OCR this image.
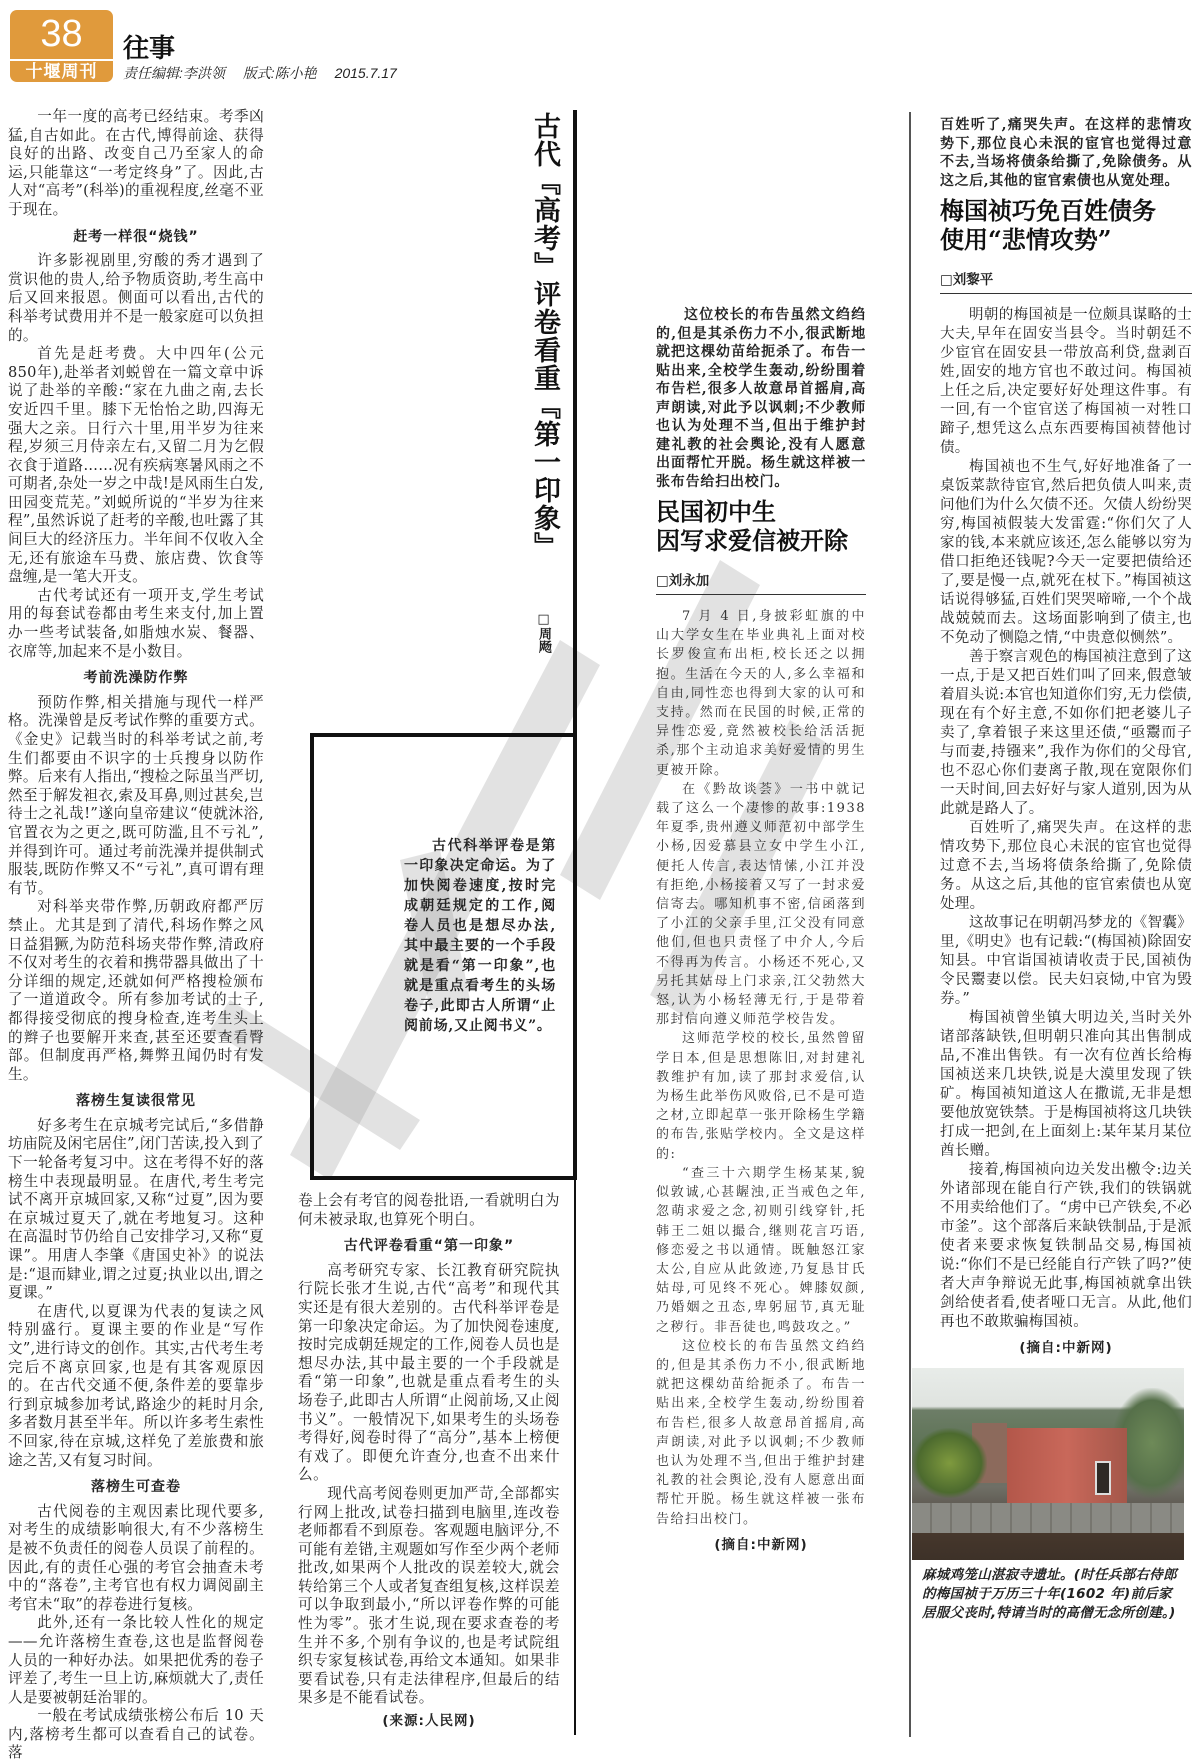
38
十堰周刊
往事
责任编辑:李洪领 版式:陈小艳 2015.7.17
古代『高考』评卷看重『第一印象』
□周飏
古代科举评卷是第一印象决定命运。为了加快阅卷速度,按时完成朝廷规定的工作,阅卷人员也是想尽办法,其中最主要的一个手段就是看“第一印象”,也就是重点看考生的头场卷子,此即古人所谓“止阅前场,又止阅书义”。

一年一度的高考已经结束。考季凶猛,自古如此。在古代,博得前途、获得良好的出路、改变自己乃至家人的命运,只能靠这“一考定终身”了。因此,古人对“高考”(科举)的重视程度,丝毫不亚于现在。

赶考一样很“烧钱”

许多影视剧里,穷酸的秀才遇到了赏识他的贵人,给予物质资助,考生高中后又回来报恩。侧面可以看出,古代的科举考试费用并不是一般家庭可以负担的。

首先是赶考费。大中四年(公元 850年),赴举者刘蜕曾在一篇文章中诉说了赴举的辛酸:“家在九曲之南,去长安近四千里。膝下无怡怡之助,四海无强大之亲。日行六十里,用半岁为往来程,岁须三月侍亲左右,又留二月为乞假衣食于道路……况有疾病寒暑风雨之不可期者,杂处一岁之中哉!是风雨生白发,田园变荒芜。”刘蜕所说的“半岁为往来程”,虽然诉说了赶考的辛酸,也吐露了其间巨大的经济压力。半年间不仅收入全无,还有旅途车马费、旅店费、饮食等盘缠,是一笔大开支。

古代考试还有一项开支,学生考试用的每套试卷都由考生来支付,加上置办一些考试装备,如脂烛水炭、餐器、衣席等,加起来不是小数目。

考前洗澡防作弊

预防作弊,相关措施与现代一样严格。洗澡曾是反考试作弊的重要方式。《金史》记载当时的科举考试之前,考生们都要由不识字的士兵搜身以防作弊。后来有人指出,“搜检之际虽当严切,然至于解发袒衣,索及耳鼻,则过甚矣,岂待士之礼哉!”遂向皇帝建议“使就沐浴,官置衣为之更之,既可防滥,且不亏礼”,并得到许可。通过考前洗澡并提供制式服装,既防作弊又不“亏礼”,真可谓有理有节。

对科举夹带作弊,历朝政府都严厉禁止。尤其是到了清代,科场作弊之风日益猖獗,为防范科场夹带作弊,清政府不仅对考生的衣着和携带器具做出了十分详细的规定,还就如何严格搜检颁布了一道道政令。所有参加考试的士子,都得接受彻底的搜身检查,连考生头上的辫子也要解开来查,甚至还要查看臀部。但制度再严格,舞弊丑闻仍时有发生。

落榜生复读很常见

好多考生在京城考完试后,“多借静坊庙院及闲宅居住”,闭门苦读,投入到了下一轮备考复习中。这在考得不好的落榜生中表现最明显。在唐代,考生考完试不离开京城回家,又称“过夏”,因为要在京城过夏天了,就在考地复习。这种在高温时节仍给自己安排学习,又称“夏课”。用唐人李肇《唐国史补》的说法是:“退而肄业,谓之过夏;执业以出,谓之夏课。”

在唐代,以夏课为代表的复读之风特别盛行。夏课主要的作业是“写作文”,进行诗文的创作。其实,古代考生考完后不离京回家,也是有其客观原因的。在古代交通不便,条件差的要靠步行到京城参加考试,路途少的耗时月余,多者数月甚至半年。所以许多考生索性不回家,待在京城,这样免了差旅费和旅途之苦,又有复习时间。

落榜生可查卷

古代阅卷的主观因素比现代要多,对考生的成绩影响很大,有不少落榜生是被不负责任的阅卷人员误了前程的。因此,有的责任心强的考官会抽查未考中的“落卷”,主考官也有权力调阅副主考官未“取”的荐卷进行复核。

此外,还有一条比较人性化的规定——允许落榜生查卷,这也是监督阅卷人员的一种好办法。如果把优秀的卷子评差了,考生一旦上访,麻烦就大了,责任人是要被朝廷治罪的。

一般在考试成绩张榜公布后 10 天内,落榜考生都可以查看自己的试卷。落

卷上会有考官的阅卷批语,一看就明白为何未被录取,也算死个明白。

古代评卷看重“第一印象”

高考研究专家、长江教育研究院执行院长张才生说,古代“高考”和现代其实还是有很大差别的。古代科举评卷是第一印象决定命运。为了加快阅卷速度,按时完成朝廷规定的工作,阅卷人员也是想尽办法,其中最主要的一个手段就是看“第一印象”,也就是重点看考生的头场卷子,此即古人所谓“止阅前场,又止阅书义”。一般情况下,如果考生的头场卷考得好,阅卷时得了“高分”,基本上榜便有戏了。即便允许查分,也查不出来什么。

现代高考阅卷则更加严苛,全部都实行网上批改,试卷扫描到电脑里,连改卷老师都看不到原卷。客观题电脑评分,不可能有差错,主观题如写作至少两个老师批改,如果两个人批改的误差较大,就会转给第三个人或者复查组复核,这样误差可以争取到最小,“所以评卷作弊的可能性为零”。张才生说,现在要求查卷的考生并不多,个别有争议的,也是考试院组织专家复核试卷,再给文本通知。如果非要看试卷,只有走法律程序,但最后的结果多是不能看试卷。

(来源:人民网)
这位校长的布告虽然文绉绉的,但是其杀伤力不小,很武断地就把这棵幼苗给扼杀了。布告一贴出来,全校学生轰动,纷纷围着布告栏,很多人故意昂首摇肩,高声朗读,对此予以讽刺;不少教师也认为处理不当,但出于维护封建礼教的社会舆论,没有人愿意出面帮忙开脱。杨生就这样被一张布告给扫出校门。
民国初中生
因写求爱信被开除
□刘永加

7 月 4 日,身披彩虹旗的中山大学女生在毕业典礼上面对校长罗俊宣布出柜,校长还之以拥抱。生活在今天的人,多么幸福和自由,同性恋也得到大家的认可和支持。然而在民国的时候,正常的异性恋爱,竟然被校长给活活扼杀,那个主动追求美好爱情的男生更被开除。

在《黔故谈荟》一书中就记载了这么一个凄惨的故事:1938年夏季,贵州遵义师范初中部学生小杨,因爱慕县立女中学生小江,便托人传言,表达情愫,小江并没有拒绝,小杨接着又写了一封求爱信寄去。哪知机事不密,信函落到了小江的父亲手里,江父没有同意他们,但也只责怪了中介人,今后不得再为传言。小杨还不死心,又另托其姑母上门求亲,江父勃然大怒,认为小杨轻薄无行,于是带着那封信向遵义师范学校告发。

这师范学校的校长,虽然曾留学日本,但是思想陈旧,对封建礼教维护有加,读了那封求爱信,认为杨生此举伤风败俗,已不是可造之材,立即起草一张开除杨生学籍的布告,张贴学校内。全文是这样的:

“查三十六期学生杨某某,貌似敦诚,心甚龌浊,正当戒色之年,忽萌求爱之念,初则引线穿针,托韩王二姐以撮合,继则花言巧语,修恋爱之书以通情。既触怒江家太公,自应从此敛迹,乃复恳甘氏姑母,可见终不死心。婢膝奴颜,乃婚姻之丑态,卑躬屈节,真无耻之秽行。非吾徒也,鸣鼓攻之。”

这位校长的布告虽然文绉绉的,但是其杀伤力不小,很武断地就把这棵幼苗给扼杀了。布告一贴出来,全校学生轰动,纷纷围着布告栏,很多人故意昂首摇肩,高声朗读,对此予以讽刺;不少教师也认为处理不当,但出于维护封建礼教的社会舆论,没有人愿意出面帮忙开脱。杨生就这样被一张布告给扫出校门。

(摘自:中新网)
百姓听了,痛哭失声。在这样的悲情攻势下,那位良心未泯的宦官也觉得过意不去,当场将债条给撕了,免除债务。从这之后,其他的宦官索债也从宽处理。
梅国祯巧免百姓债务
使用“悲情攻势”
□刘黎平

明朝的梅国祯是一位颇具谋略的士大夫,早年在固安当县令。当时朝廷不少宦官在固安县一带放高利贷,盘剥百姓,固安的地方官也不敢过问。梅国祯上任之后,决定要好好处理这件事。有一回,有一个宦官送了梅国祯一对牲口蹄子,想凭这么点东西要梅国祯替他讨债。

梅国祯也不生气,好好地准备了一桌饭菜款待宦官,然后把负债人叫来,责问他们为什么欠债不还。欠债人纷纷哭穷,梅国祯假装大发雷霆:“你们欠了人家的钱,本来就应该还,怎么能够以穷为借口拒绝还钱呢?今天一定要把债给还了,要是慢一点,就死在杖下。”梅国祯这话说得够猛,百姓们哭哭啼啼,一个个战战兢兢而去。这场面影响到了债主,也不免动了恻隐之情,“中贵意似恻然”。

善于察言观色的梅国祯注意到了这一点,于是又把百姓们叫了回来,假意皱着眉头说:本官也知道你们穷,无力偿债,现在有个好主意,不如你们把老婆儿子卖了,拿着银子来这里还债,“亟鬻而子与而妻,持镪来”,我作为你们的父母官,也不忍心你们妻离子散,现在宽限你们一天时间,回去好好与家人道别,因为从此就是路人了。

百姓听了,痛哭失声。在这样的悲情攻势下,那位良心未泯的宦官也觉得过意不去,当场将债条给撕了,免除债务。从这之后,其他的宦官索债也从宽处理。

这故事记在明朝冯梦龙的《智囊》里,《明史》也有记载:“(梅国祯)除固安知县。中官诣国祯请收责于民,国祯伪令民鬻妻以偿。民夫妇哀恸,中官为毁券。”

梅国祯曾坐镇大明边关,当时关外诸部落缺铁,但明朝只准向其出售制成品,不准出售铁。有一次有位酋长给梅国祯送来几块铁,说是大漠里发现了铁矿。梅国祯知道这人在撒谎,无非是想要他放宽铁禁。于是梅国祯将这几块铁打成一把剑,在上面刻上:某年某月某位酋长赠。

接着,梅国祯向边关发出檄令:边关外诸部现在能自行产铁,我们的铁锅就不用卖给他们了。“虏中已产铁矣,不必市釜”。这个部落后来缺铁制品,于是派使者来要求恢复铁制品交易,梅国祯说:“你们不是已经能自行产铁了吗?”使者大声争辩说无此事,梅国祯就拿出铁剑给使者看,使者哑口无言。从此,他们再也不敢欺骗梅国祯。

(摘自:中新网)
麻城鸡笼山湛寂寺遗址。(时任兵部右侍郎的梅国祯于万历三十年(1602 年)前后家居服父丧时,特请当时的高僧无念所创建。)
